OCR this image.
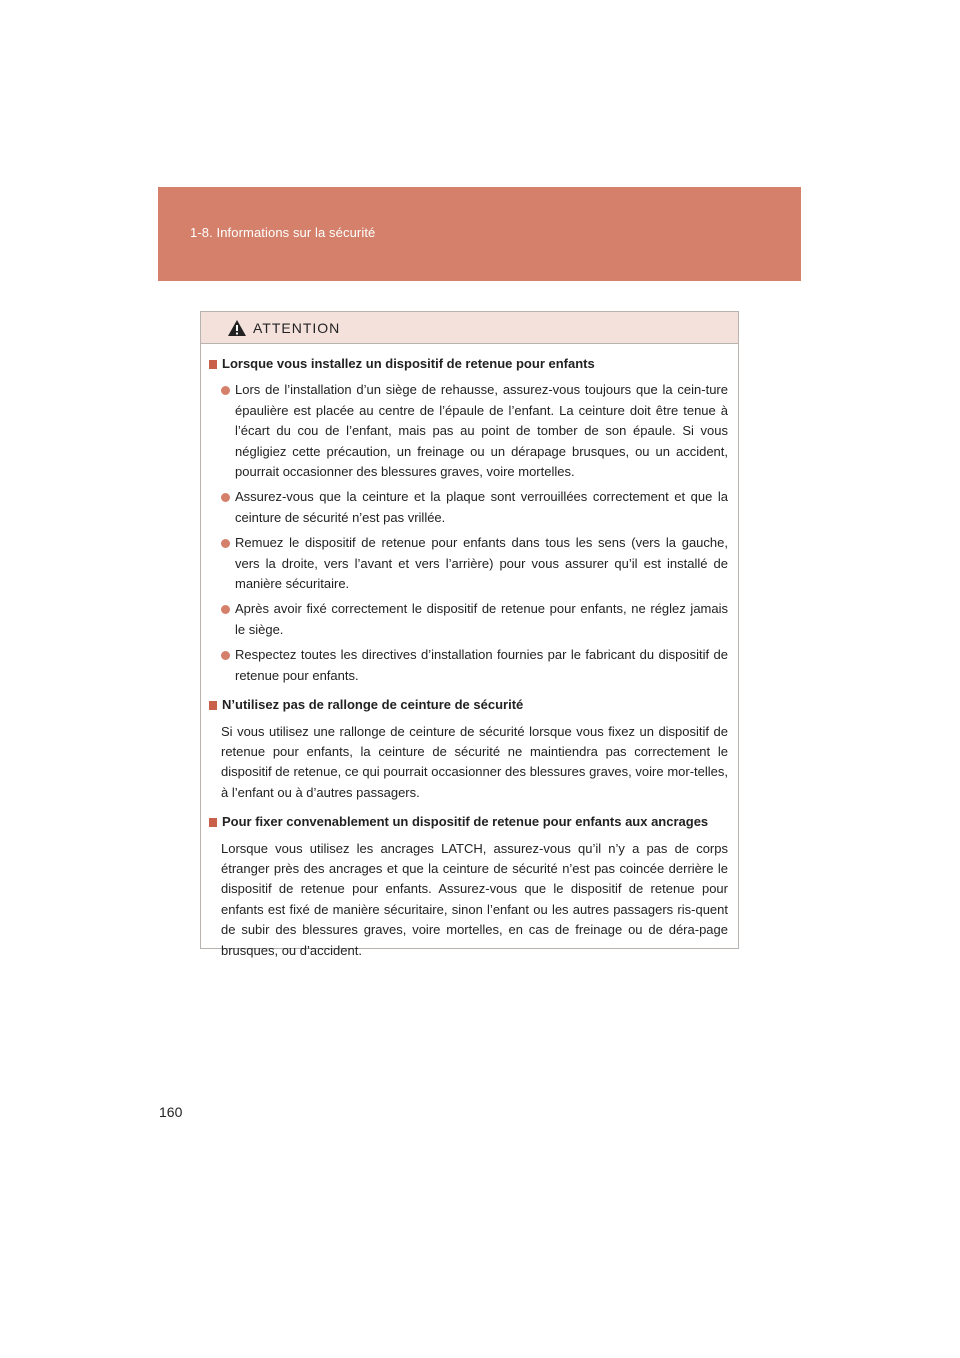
1-8. Informations sur la sécurité
ATTENTION
Lorsque vous installez un dispositif de retenue pour enfants
Lors de l’installation d’un siège de rehausse, assurez-vous toujours que la cein-ture épaulière est placée au centre de l’épaule de l’enfant. La ceinture doit être tenue à l’écart du cou de l’enfant, mais pas au point de tomber de son épaule. Si vous négligiez cette précaution, un freinage ou un dérapage brusques, ou un accident, pourrait occasionner des blessures graves, voire mortelles.
Assurez-vous que la ceinture et la plaque sont verrouillées correctement et que la ceinture de sécurité n’est pas vrillée.
Remuez le dispositif de retenue pour enfants dans tous les sens (vers la gauche, vers la droite, vers l’avant et vers l’arrière) pour vous assurer qu’il est installé de manière sécuritaire.
Après avoir fixé correctement le dispositif de retenue pour enfants, ne réglez jamais le siège.
Respectez toutes les directives d’installation fournies par le fabricant du dispositif de retenue pour enfants.
N’utilisez pas de rallonge de ceinture de sécurité
Si vous utilisez une rallonge de ceinture de sécurité lorsque vous fixez un dispositif de retenue pour enfants, la ceinture de sécurité ne maintiendra pas correctement le dispositif de retenue, ce qui pourrait occasionner des blessures graves, voire mor-telles, à l’enfant ou à d’autres passagers.
Pour fixer convenablement un dispositif de retenue pour enfants aux ancrages
Lorsque vous utilisez les ancrages LATCH, assurez-vous qu’il n’y a pas de corps étranger près des ancrages et que la ceinture de sécurité n’est pas coincée derrière le dispositif de retenue pour enfants. Assurez-vous que le dispositif de retenue pour enfants est fixé de manière sécuritaire, sinon l’enfant ou les autres passagers ris-quent de subir des blessures graves, voire mortelles, en cas de freinage ou de déra-page brusques, ou d’accident.
160
